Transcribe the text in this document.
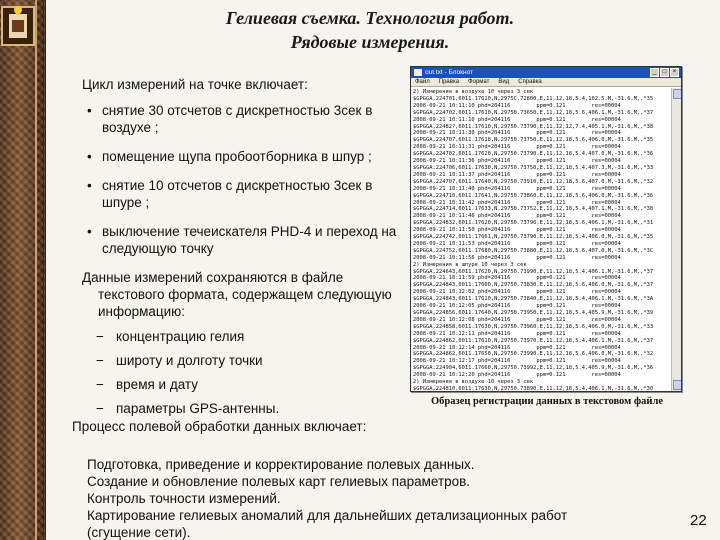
Гелиевая съемка. Технология работ.
Рядовые измерения.

Цикл измерений на точке включает:

• снятие 30 отсчетов с дискретностью 3сек в воздухе ;
• помещение щупа пробоотборника в шпур ;
• снятие 10 отсчетов с дискретностью 3сек в шпуре ;
• выключение течеискателя PHD-4 и переход на следующую точку

Данные измерений сохраняются в файле текстового формата, содержащем следующую информацию:

− концентрацию гелия
− широту и долготу точки
− время и дату
− параметры GPS-антенны.
out.txt - Блокнот	_	□	×
Файл Правка Формат Вид Справка
2) Измерения в воздухе 10 через 3 сек
$GPGGA,224701,6011.17610,N,2975C.72800,E,11,12,18,5.4,102.5,M,-31.6,M,,*35
2008-09-21 10:11:10 phd=204116        ppm=0.121        res=00004
$GPGGA,224702,6011.17610,N,29750.73650,E,11,12,18,5.6,406.1,M,-31.6,M,,*37
2008-09-21 10:11:10 phd=204116        ppm=0.121        res=00004
$GPGGA,22482?,6011.17610,N,29750.73790,E,11,12,12,7.4,405.1,M,-31.6,M,,*38
2008-09-21 10:11:30 phd=204116        ppm=0.121        res=00004
$GPGGA,224707,6011.17618,N,29750.73750,E,11,12,18,5.6,406.0,M,-31.6,M,,*35
2008-09-21 10:11:31 phd=204116        ppm=0.121        res=00004
$GPGGA,224702,6011.17620,N,29750.73790,E,11,12,18,5.4,407.0,M,-31.6,M,,*36
2008-09-21 10:11:36 phd=204116        ppm=0.121        res=00004
$GPGGA,224706,6011.17630,N,29750.73750,E,11,12,18,5.4,407.3,M,-31.6,M,,*33
2008-09-21 10:11:37 phd=204116        ppm=0.121        res=00004
$GPGGA,224707,6011.17640,N,29750.73910,E,11,12,18,5.6,407.0,M,-31.6,M,,*32
2008-09-21 10:11:40 phd=204116        ppm=0.121        res=00004
$GPGGA,224710,6011.17641,N,29750.73860,E,11,12,18,5.6,406.0,M,-31.6,M,,*36
2008-09-21 10:11:42 phd=204116        ppm=0.121        res=00004
$GPGGA,224714,6011.17633,N,29750.73752,E,11,12,18,5.4,407.1,M,-31.6,M,,*38
2008-09-21 10:11:46 phd=204116        ppm=0.121        res=00004
$GPGGA,224832,6011.17620,N,29750.73796,E,11,12,18,5.6,406.1,M,-31.6,M,,*31
2008-09-21 10:11:50 phd=204116        ppm=0.121        res=00004
$GPGGA,224742,6011.17661,N,29750.73790,E,11,12,18,5.4,406.0,M,-31.6,M,,*35
2008-09-21 10:11:53 phd=204116        ppm=0.121        res=00004
$GPGGA,224752,6011.17680,N,29750.73880,E,11,12,18,5.6,407.0,M,-31.6,M,,*3C
2008-09-21 10:11:56 phd=204116        ppm=0.121        res=00004
2) Измерения в шпуре 10 через 3 сек
$GPGGA,224643,6011.17620,N,29750.73990,E,11,12,18,5.4,406.1,M,-31.6,M,,*37
2008-09-21 10:11:59 phd=204116        ppm=0.121        res=00004
$GPGGA,224843,6011.17600,N,29750.73830,E,11,12,18,5.6,406.0,M,-31.6,M,,*37
2008-09-21 10:12:02 phd=204116        ppm=0.121        res=00004
$GPGGA,224843,6011.17610,N,29750.73840,E,11,12,18,5.4,406.1,M,-31.6,M,,*3A
2008-09-21 10:12:05 phd=204116        ppm=0.121        res=00004
$GPGGA,224856,6011.17640,N,29750.73950,E,11,12,18,5.4,405.9,M,-31.6,M,,*39
2008-09-21 10:12:08 phd=204116        ppm=0.121        res=00004
$GPGGA,224858,6011.17630,N,29750.73960,E,11,12,18,5.6,406.0,M,-31.6,M,,*33
2008-09-21 10:12:11 phd=204116        ppm=0.121        res=00004
$GPGGA,224862,6011.17610,N,29750.73970,E,11,12,18,5.4,406.1,M,-31.6,M,,*37
2008-09-21 10:12:14 phd=204116        ppm=0.121        res=00004
$GPGGA,224862,6011.17650,N,29750.73990,E,11,12,18,5.6,406.0,M,-31.6,M,,*32
2008-09-21 10:12:17 phd=204116        ppm=0.121        res=00004
$GPGGA,224904,6011.17660,N,29750.73992,E,11,12,18,5.4,405.9,M,-31.6,M,,*36
2008-09-21 10:12:20 phd=204116        ppm=0.121        res=00004
2) Измерения в воздухе 10 через 3 сек
$GPGGA,224810,6011.17630,N,29750.73890,E,11,12,18,5.4,406.1,M,-31.6,M,,*30
Образец регистрации данных в текстовом файле
Процесс полевой обработки данных включает:
Подготовка, приведение и корректирование полевых данных.
Создание и обновление полевых карт гелиевых параметров.
Контроль точности измерений.
Картирование гелиевых аномалий для дальнейших детализационных работ (сгущение сети).
22
